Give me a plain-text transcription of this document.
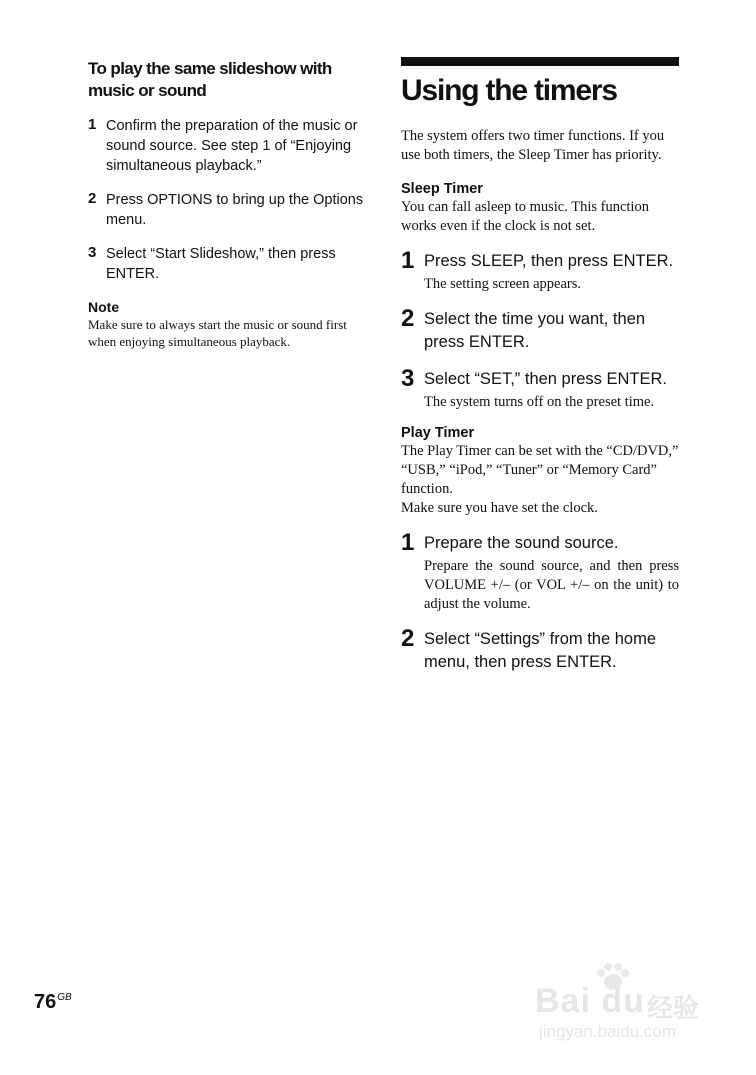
To play the same slideshow with music or sound
1 Confirm the preparation of the music or sound source. See step 1 of “Enjoying simultaneous playback.”
2 Press OPTIONS to bring up the Options menu.
3 Select “Start Slideshow,” then press ENTER.
Note
Make sure to always start the music or sound first when enjoying simultaneous playback.
Using the timers
The system offers two timer functions. If you use both timers, the Sleep Timer has priority.
Sleep Timer
You can fall asleep to music. This function works even if the clock is not set.
1 Press SLEEP, then press ENTER.
The setting screen appears.
2 Select the time you want, then press ENTER.
3 Select “SET,” then press ENTER.
The system turns off on the preset time.
Play Timer
The Play Timer can be set with the “CD/DVD,” “USB,” “iPod,” “Tuner” or “Memory Card” function.
Make sure you have set the clock.
1 Prepare the sound source.
Prepare the sound source, and then press VOLUME +/– (or VOL +/– on the unit) to adjust the volume.
2 Select “Settings” from the home menu, then press ENTER.
$76^{GB}$	Bai du 经验
jingyan.baidu.com
